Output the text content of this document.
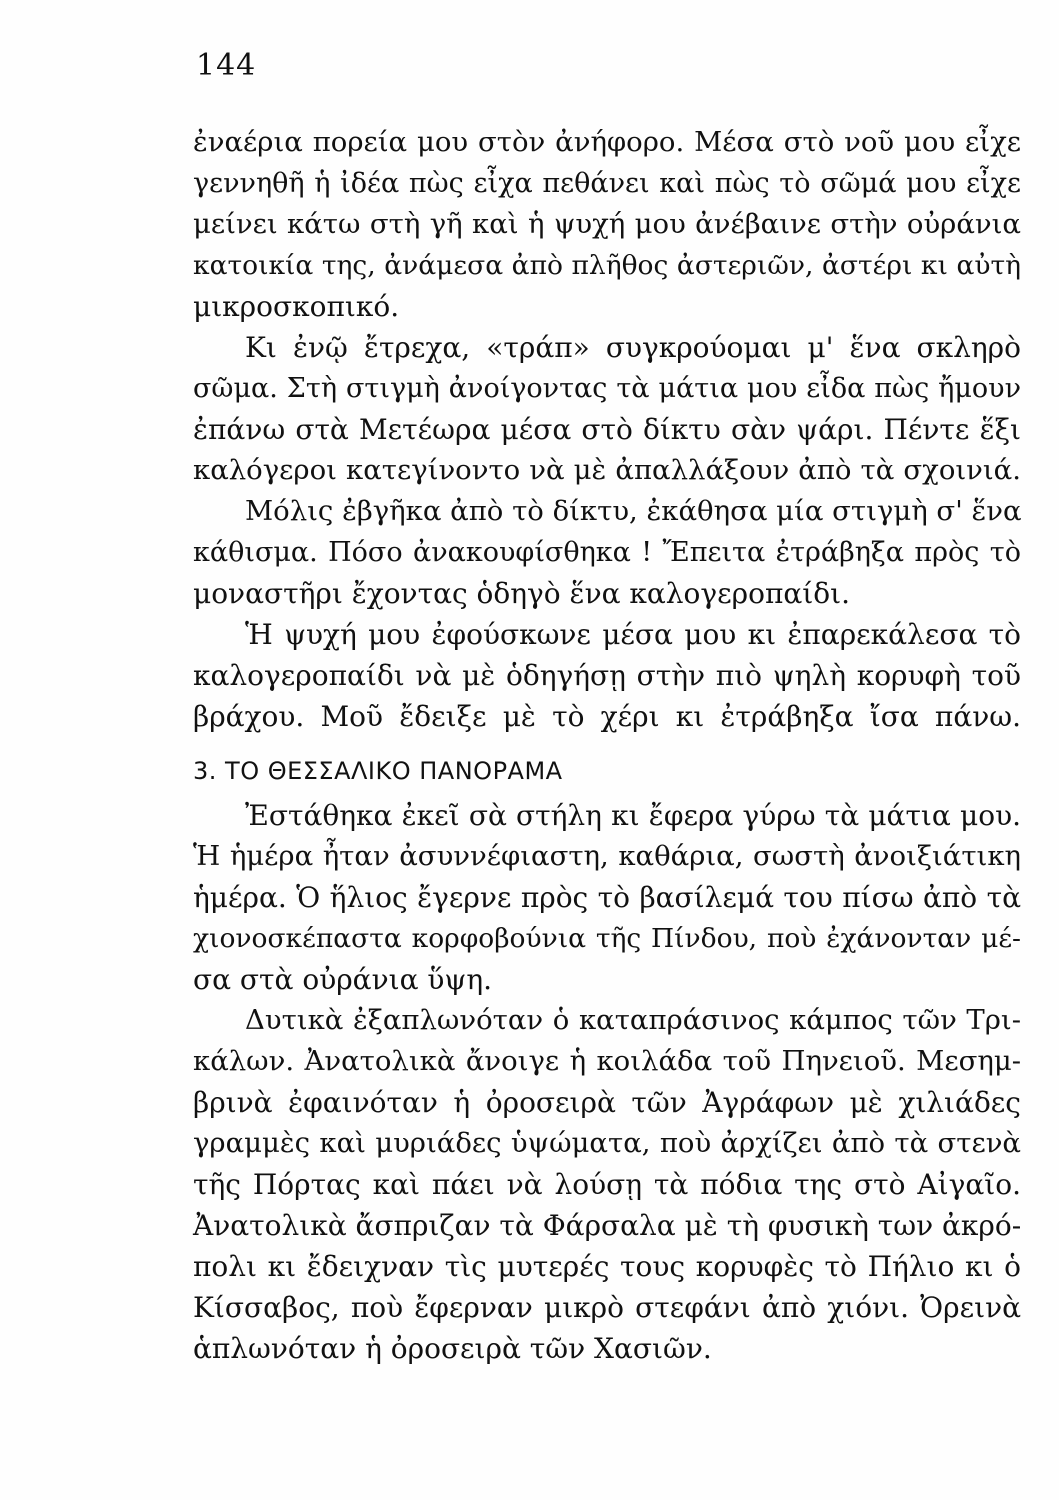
144
ἐναέρια πορεία μου στὸν ἀνήφορο. Μέσα στὸ νοῦ μου εἶχε
γεννηθῆ ἡ ἰδέα πὼς εἶχα πεθάνει καὶ πὼς τὸ σῶμά μου εἶχε
μείνει κάτω στὴ γῆ καὶ ἡ ψυχή μου ἀνέβαινε στὴν οὐράνια
κατοικία της, ἀνάμεσα ἀπὸ πλῆθος ἀστεριῶν, ἀστέρι κι αὐτὴ
μικροσκοπικό.
Κι ἐνῷ ἔτρεχα, «τράπ» συγκρούομαι μ' ἕνα σκληρὸ
σῶμα. Στὴ στιγμὴ ἀνοίγοντας τὰ μάτια μου εἶδα πὼς ἤμουν
ἐπάνω στὰ Μετέωρα μέσα στὸ δίκτυ σὰν ψάρι. Πέντε ἕξι
καλόγεροι κατεγίνοντο νὰ μὲ ἀπαλλάξουν ἀπὸ τὰ σχοινιά.
Μόλις ἐβγῆκα ἀπὸ τὸ δίκτυ, ἐκάθησα μία στιγμὴ σ' ἕνα
κάθισμα. Πόσο ἀνακουφίσθηκα ! Ἔπειτα ἐτράβηξα πρὸς τὸ
μοναστῆρι ἔχοντας ὁδηγὸ ἕνα καλογεροπαίδι.
Ἡ ψυχή μου ἐφούσκωνε μέσα μου κι ἐπαρεκάλεσα τὸ
καλογεροπαίδι νὰ μὲ ὁδηγήσῃ στὴν πιὸ ψηλὴ κορυφὴ τοῦ
βράχου. Μοῦ ἔδειξε μὲ τὸ χέρι κι ἐτράβηξα ἴσα πάνω.
3. ΤΟ ΘΕΣΣΑΛΙΚΟ ΠΑΝΟΡΑΜΑ
Ἐστάθηκα ἐκεῖ σὰ στήλη κι ἔφερα γύρω τὰ μάτια μου.
Ἡ ἡμέρα ἦταν ἀσυννέφιαστη, καθάρια, σωστὴ ἀνοιξιάτικη
ἡμέρα. Ὁ ἥλιος ἔγερνε πρὸς τὸ βασίλεμά του πίσω ἀπὸ τὰ
χιονοσκέπαστα κορφοβούνια τῆς Πίνδου, ποὺ ἐχάνονταν μέ-
σα στὰ οὐράνια ὕψη.
Δυτικὰ ἐξαπλωνόταν ὁ καταπράσινος κάμπος τῶν Τρι-
κάλων. Ἀνατολικὰ ἄνοιγε ἡ κοιλάδα τοῦ Πηνειοῦ. Μεσημ-
βρινὰ ἐφαινόταν ἡ ὀροσειρὰ τῶν Ἀγράφων μὲ χιλιάδες
γραμμὲς καὶ μυριάδες ὑψώματα, ποὺ ἀρχίζει ἀπὸ τὰ στενὰ
τῆς Πόρτας καὶ πάει νὰ λούσῃ τὰ πόδια της στὸ Αἰγαῖο.
Ἀνατολικὰ ἄσπριζαν τὰ Φάρσαλα μὲ τὴ φυσικὴ των ἀκρό-
πολι κι ἔδειχναν τὶς μυτερές τους κορυφὲς τὸ Πήλιο κι ὁ
Κίσσαβος, ποὺ ἔφερναν μικρὸ στεφάνι ἀπὸ χιόνι. Ὀρεινὰ
ἁπλωνόταν ἡ ὀροσειρὰ τῶν Χασιῶν.
